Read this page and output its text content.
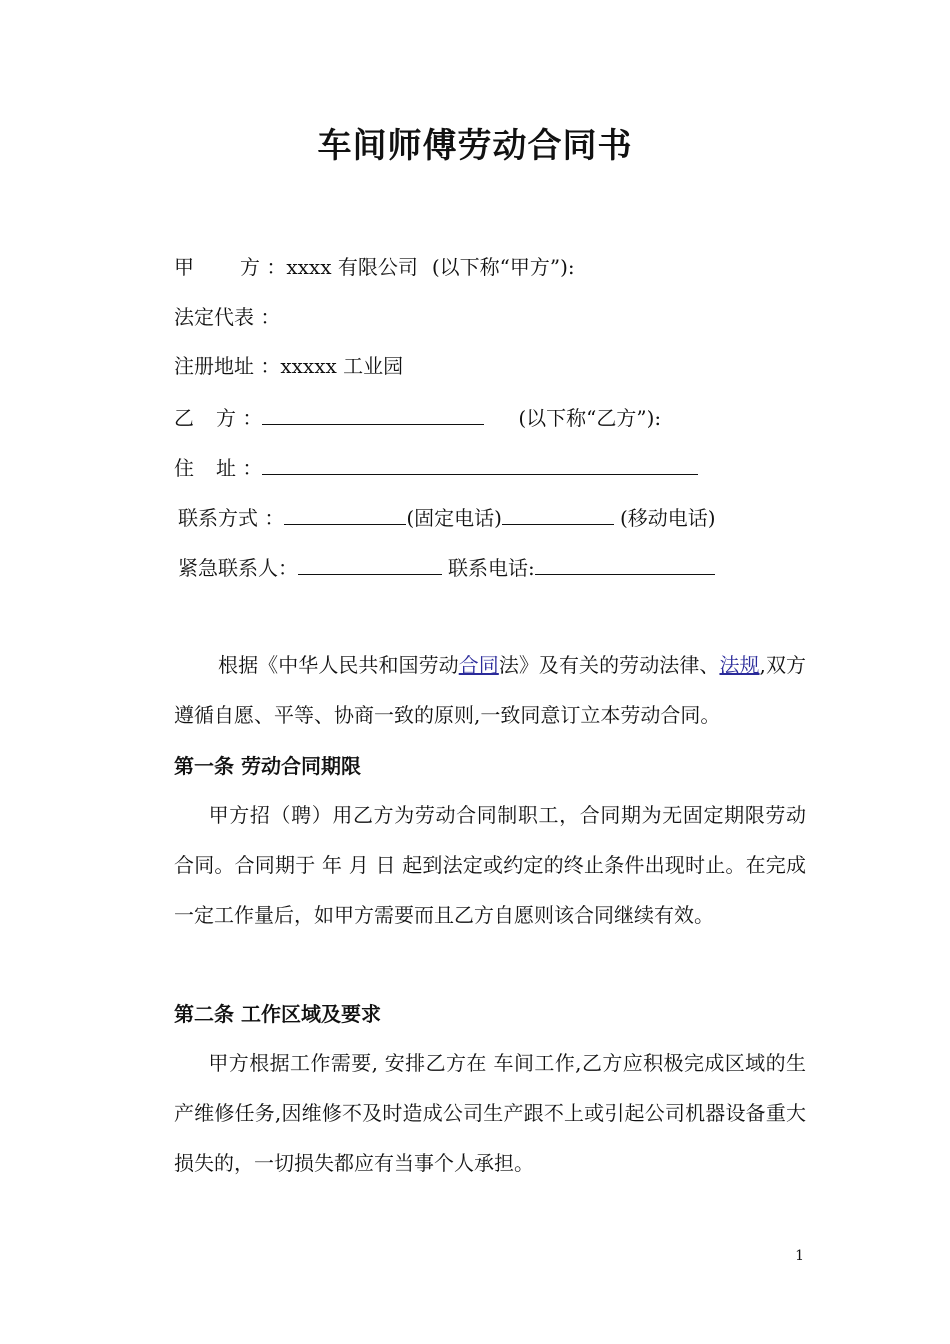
车间师傅劳动合同书
甲 方 ：xxxx 有限公司 (以下称“甲方”):
法定代表 ：
注册地址 ：xxxxx 工业园
乙 方 ：	(以下称“乙方”):
住 址 ：
联系方式 ：	(固定电话)	(移动电话)
紧急联系人：	联系电话:
根据《中华人民共和国劳动合同法》及有关的劳动法律、法规,双方遵循自愿、平等、协商一致的原则,一致同意订立本劳动合同。
第一条 劳动合同期限
甲方招（聘）用乙方为劳动合同制职工，合同期为无固定期限劳动合同。合同期于 年 月 日 起到法定或约定的终止条件出现时止。在完成一定工作量后，如甲方需要而且乙方自愿则该合同继续有效。
第二条 工作区域及要求
甲方根据工作需要, 安排乙方在 车间工作,乙方应积极完成区域的生产维修任务,因维修不及时造成公司生产跟不上或引起公司机器设备重大损失的，一切损失都应有当事个人承担。
1
